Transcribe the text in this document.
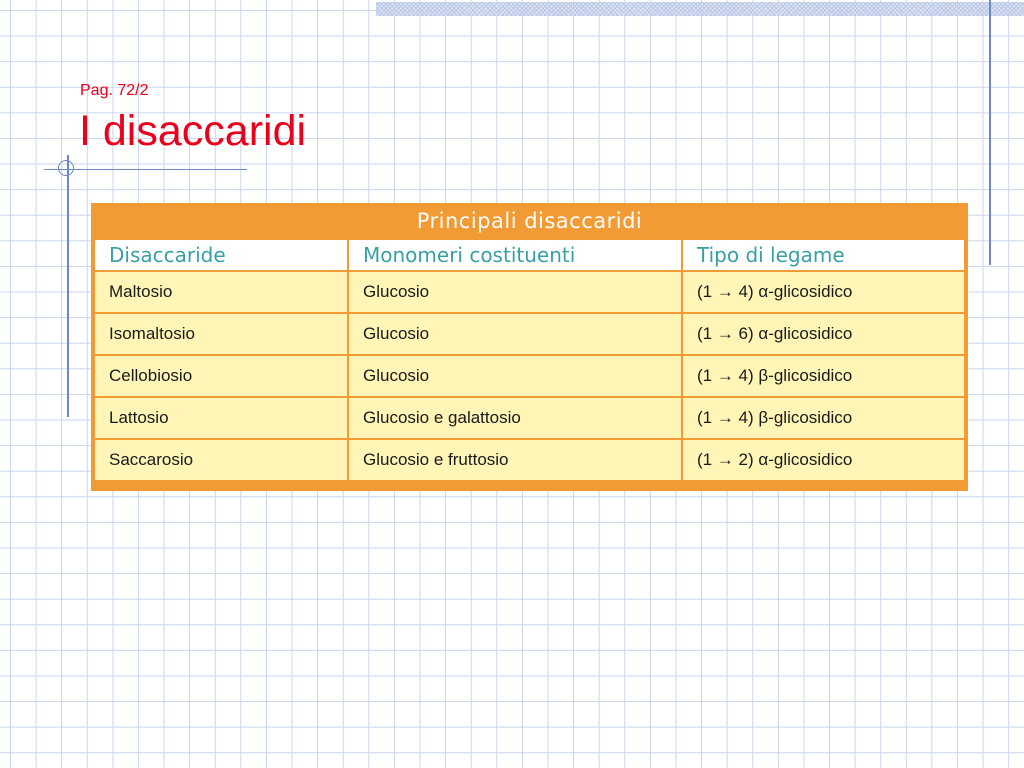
Pag. 72/2
I disaccaridi
Principali disaccaridi
Disaccaride	Monomeri costituenti	Tipo di legame
Maltosio	Glucosio	(1 → 4) α-glicosidico
Isomaltosio	Glucosio	(1 → 6) α-glicosidico
Cellobiosio	Glucosio	(1 → 4) β-glicosidico
Lattosio	Glucosio e galattosio	(1 → 4) β-glicosidico
Saccarosio	Glucosio e fruttosio	(1 → 2) α-glicosidico
